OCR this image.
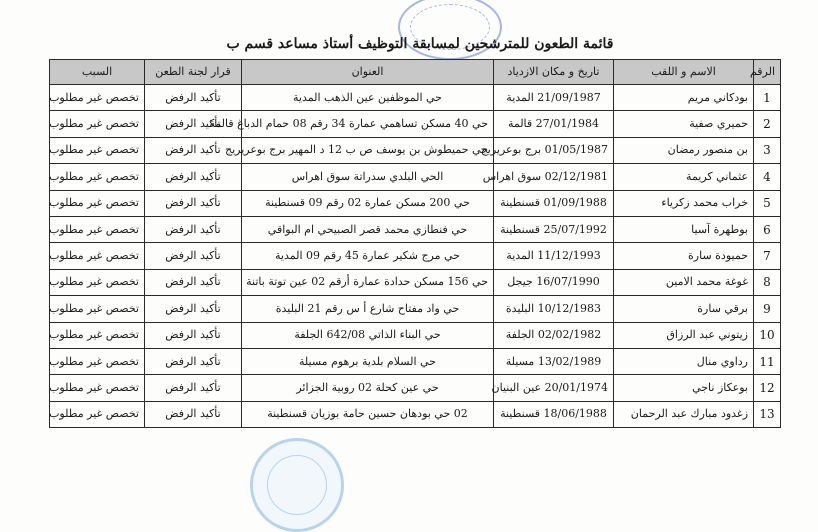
قائمة الطعون للمترشحين لمسابقة التوظيف أستاذ مساعد قسم ب
الرقم	الاسم و اللقب	تاريخ و مكان الازدياد	العنوان	قرار لجنة الطعن	السبب
1	بودكاني مريم	21/09/1987 المدية	حي الموظفين عين الذهب المدية	تأكيد الرفض	تخصص غير مطلوب
2	حميري صفية	27/01/1984 قالمة	حي 40 مسكن تساهمي عمارة 34 رقم 08 حمام الدباغ قالمة	تأكيد الرفض	تخصص غير مطلوب
3	بن منصور رمضان	01/05/1987 برج بوعريريج	حي حميطوش بن يوسف ص ب 12 د المهير برج بوعريريج	تأكيد الرفض	تخصص غير مطلوب
4	عثماني كريمة	02/12/1981 سوق اهراس	الحي البلدي سدراتة سوق اهراس	تأكيد الرفض	تخصص غير مطلوب
5	خراب محمد زكرياء	01/09/1988 قسنطينة	حي 200 مسكن عمارة 02 رقم 09 قسنطينة	تأكيد الرفض	تخصص غير مطلوب
6	بوطهرة آسيا	25/07/1992 قسنطينة	حي فنطازي محمد قصر الصبيحي ام البواقي	تأكيد الرفض	تخصص غير مطلوب
7	حميودة سارة	11/12/1993 المدية	حي مرج شكير عمارة 45 رقم 09 المدية	تأكيد الرفض	تخصص غير مطلوب
8	غوغة محمد الامين	16/07/1990 جيجل	حي 156 مسكن حدادة عمارة أرقم 02 عين توتة باتنة	تأكيد الرفض	تخصص غير مطلوب
9	برقي سارة	10/12/1983 البليدة	حي واد مفتاح شارع أ س رقم 21 البليدة	تأكيد الرفض	تخصص غير مطلوب
10	زيتوني عبد الرزاق	02/02/1982 الجلفة	حي البناء الذاتي 642/08 الجلفة	تأكيد الرفض	تخصص غير مطلوب
11	رداوي منال	13/02/1989 مسيلة	حي السلام بلدية برهوم مسيلة	تأكيد الرفض	تخصص غير مطلوب
12	بوعكاز ناجي	20/01/1974 عين البنيان	حي عين كحلة 02 روبية الجزائر	تأكيد الرفض	تخصص غير مطلوب
13	زغدود مبارك عبد الرحمان	18/06/1988 قسنطينة	02 حي بودهان حسين حامة بوزيان قسنطينة	تأكيد الرفض	تخصص غير مطلوب
